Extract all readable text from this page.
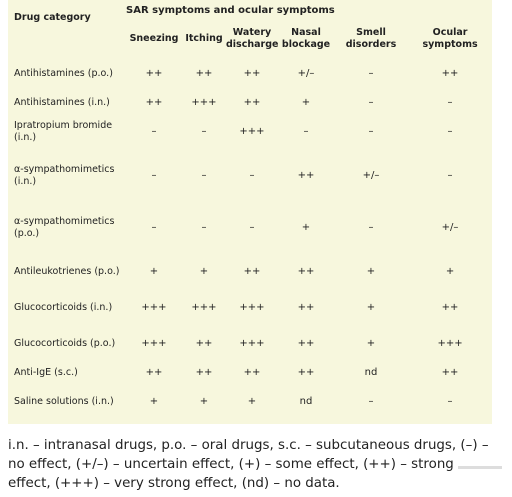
	SAR symptoms and ocular symptoms					
Drug category	Sneezing	Itching	Watery discharge	Nasal blockage	Smell disorders	Ocular symptoms
Antihistamines (p.o.)	++	++	++	+/–	–	++
Antihistamines (i.n.)	++	+++	++	+	–	–
Ipratropium bromide (i.n.)	–	–	+++	–	–	–
α-sympathomimetics (i.n.)	–	–	–	++	+/–	–
α-sympathomimetics (p.o.)	–	–	–	+	–	+/–
Antileukotrienes (p.o.)	+	+	++	++	+	+
Glucocorticoids (i.n.)	+++	+++	+++	++	+	++
Glucocorticoids (p.o.)	+++	++	+++	++	+	+++
Anti-IgE (s.c.)	++	++	++	++	nd	++
Saline solutions (i.n.)	+	+	+	nd	–	–
i.n. – intranasal drugs, p.o. – oral drugs, s.c. – subcutaneous drugs, (–) – no effect, (+/–) – uncertain effect, (+) – some effect, (++) – strong effect, (+++) – very strong effect, (nd) – no data.
